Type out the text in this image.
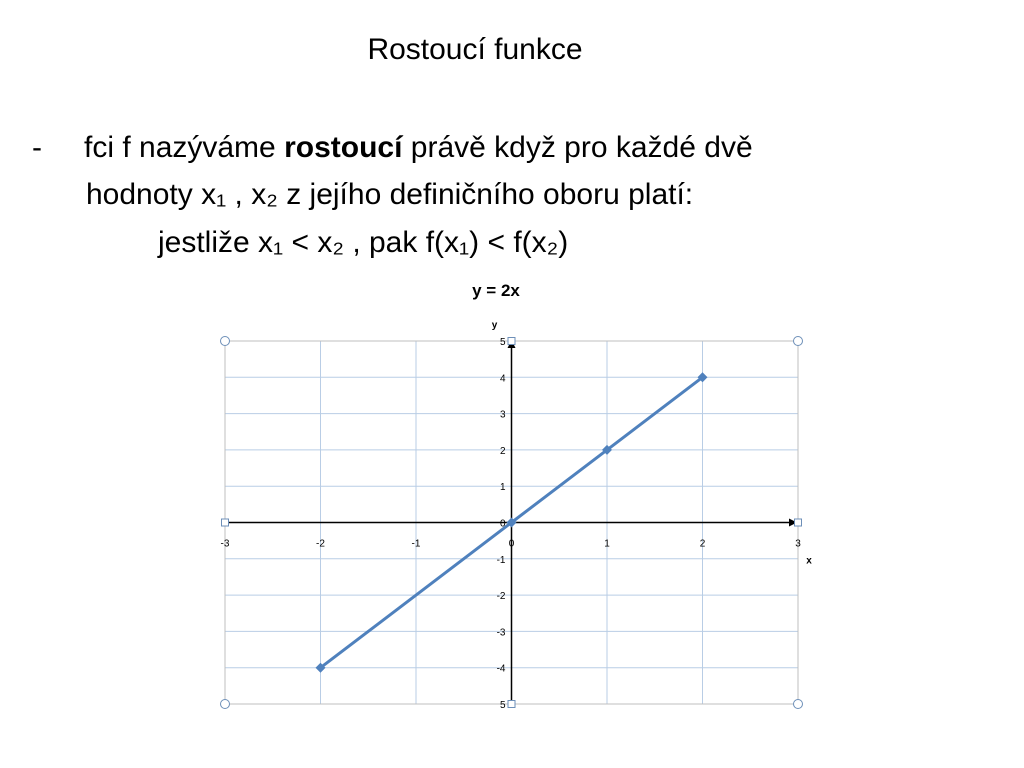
Rostoucí funkce
- fci f nazýváme rostoucí právě když pro každé dvě
hodnoty x₁ , x₂ z jejího definičního oboru platí:
jestliže x₁ < x₂ , pak f(x₁) < f(x₂)
y = 2x
-3	-2	-1	0	1	2	3
5
4
3
2
1
0
-1
-2
-3
-4
5
x
y
